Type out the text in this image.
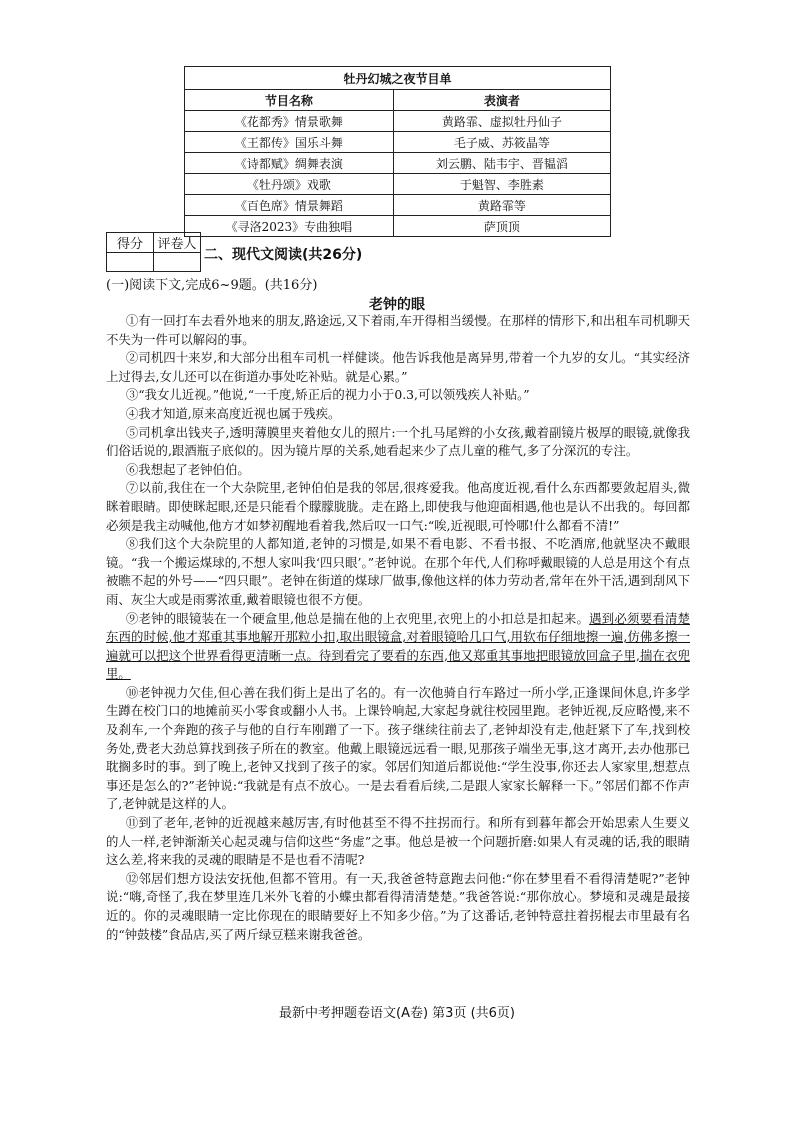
牡丹幻城之夜节目单	
节目名称	表演者
《花都秀》情景歌舞	黄路霏、虚拟牡丹仙子
《王都传》国乐斗舞	毛子威、苏筱晶等
《诗都赋》绸舞表演	刘云鹏、陆韦宇、晋韫滔
《牡丹颂》戏歌	于魁智、李胜素
《百色席》情景舞蹈	黄路霏等
《寻洛2023》专曲独唱	萨顶顶
得分	评卷人

二、现代文阅读(共26分)
(一)阅读下文,完成6~9题。(共16分)
老钟的眼

①有一回打车去看外地来的朋友,路途远,又下着雨,车开得相当缓慢。在那样的情形下,和出租车司机聊天不失为一件可以解闷的事。

②司机四十来岁,和大部分出租车司机一样健谈。他告诉我他是离异男,带着一个九岁的女儿。“其实经济上过得去,女儿还可以在街道办事处吃补贴。就是心累。”

③“我女儿近视。”他说,“一千度,矫正后的视力小于0.3,可以领残疾人补贴。”

④我才知道,原来高度近视也属于残疾。

⑤司机拿出钱夹子,透明薄膜里夹着他女儿的照片:一个扎马尾辫的小女孩,戴着副镜片极厚的眼镜,就像我们俗话说的,跟酒瓶子底似的。因为镜片厚的关系,她看起来少了点儿童的稚气,多了分深沉的专注。

⑥我想起了老钟伯伯。

⑦以前,我住在一个大杂院里,老钟伯伯是我的邻居,很疼爱我。他高度近视,看什么东西都要敛起眉头,微眯着眼睛。即使眯起眼,还是只能看个朦朦胧胧。走在路上,即使我与他迎面相遇,他也是认不出我的。每回都必须是我主动喊他,他方才如梦初醒地看着我,然后叹一口气:“唉,近视眼,可怜哪!什么都看不清!”

⑧我们这个大杂院里的人都知道,老钟的习惯是,如果不看电影、不看书报、不吃酒席,他就坚决不戴眼镜。“我一个搬运煤球的,不想人家叫我‘四只眼’。”老钟说。在那个年代,人们称呼戴眼镜的人总是用这个有点被瞧不起的外号——“四只眼”。老钟在街道的煤球厂做事,像他这样的体力劳动者,常年在外干活,遇到刮风下雨、灰尘大或是雨雾浓重,戴着眼镜也很不方便。

⑨老钟的眼镜装在一个硬盒里,他总是揣在他的上衣兜里,衣兜上的小扣总是扣起来。遇到必须要看清楚东西的时候,他才郑重其事地解开那粒小扣,取出眼镜盒,对着眼镜哈几口气,用软布仔细地擦一遍,仿佛多擦一遍就可以把这个世界看得更清晰一点。待到看完了要看的东西,他又郑重其事地把眼镜放回盒子里,揣在衣兜里。

⑩老钟视力欠佳,但心善在我们街上是出了名的。有一次他骑自行车路过一所小学,正逢课间休息,许多学生蹲在校门口的地摊前买小零食或翻小人书。上课铃响起,大家起身就往校园里跑。老钟近视,反应略慢,来不及刹车,一个奔跑的孩子与他的自行车刚蹭了一下。孩子继续往前去了,老钟却没有走,他赶紧下了车,找到校务处,费老大劲总算找到孩子所在的教室。他戴上眼镜远远看一眼,见那孩子端坐无事,这才离开,去办他那已耽搁多时的事。到了晚上,老钟又找到了孩子的家。邻居们知道后都说他:“学生没事,你还去人家家里,想惹点事还是怎么的?”老钟说:“我就是有点不放心。一是去看看后续,二是跟人家家长解释一下。”邻居们都不作声了,老钟就是这样的人。

⑪到了老年,老钟的近视越来越厉害,有时他甚至不得不拄拐而行。和所有到暮年都会开始思索人生要义的人一样,老钟渐渐关心起灵魂与信仰这些“务虚”之事。他总是被一个问题折磨:如果人有灵魂的话,我的眼睛这么差,将来我的灵魂的眼睛是不是也看不清呢?

⑫邻居们想方设法安抚他,但都不管用。有一天,我爸爸特意跑去问他:“你在梦里看不看得清楚呢?”老钟说:“嗨,奇怪了,我在梦里连几米外飞着的小蝶虫都看得清清楚楚。”我爸答说:“那你放心。梦境和灵魂是最接近的。你的灵魂眼睛一定比你现在的眼睛要好上不知多少倍。”为了这番话,老钟特意拄着拐棍去市里最有名的“钟鼓楼”食品店,买了两斤绿豆糕来谢我爸爸。

最新中考押题卷语文(A卷) 第3页 (共6页)
